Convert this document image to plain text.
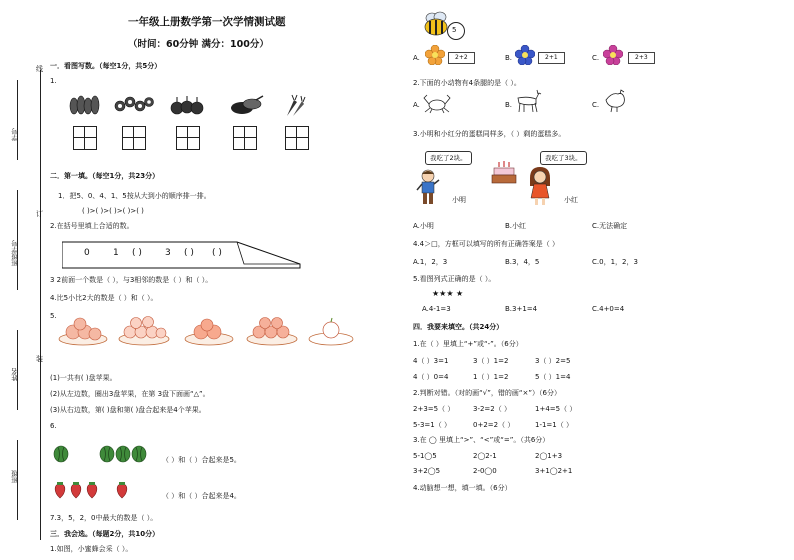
线
订
装
学号
班级学号
姓名
班级
一年级上册数学第一次学情测试题
（时间：60分钟 满分：100分）
一．看图写数。（每空1分，共5分）
1.
二．第一填。（每空1分，共23分）
1．把5、0、4、1、5按从大到小的顺序排一排。
( )>( )>( )>( )>( )
2.在括号里填上合适的数。
0	1 ( )	3 ( ) ( )
3 2前面一个数是（ ），与3相邻的数是（ ）和（ ）。
4.比5小比2大的数是（ ）和（ ）。
5.
(1)一共有( )盘苹果。
(2)从左边数，圈出3盘苹果，在第 3盘下面画“△”。
(3)从右边数，第( )盘和第( )盘合起来是4个苹果。
6.
（ ）和（ ）合起来是5。
（ ）和（ ）合起来是4。
7.3，5，2，0中最大的数是（ ）。
三．我会选。（每题2分，共10分）
1.如图，小蜜蜂会采（ ）。
5
A.	2+2	B.	2+1	C.	2+3
2.下面的小动物有4条腿的是（ ）。
A.	B.	C.
3.小明和小红分的蛋糕同样多，（ ）剩的蛋糕多。
我吃了2块。	我吃了3块。
小明	小红
A.小明	B.小红	C.无法确定
4.4＞□，方框可以填写的所有正确答案是（ ）
A.1，2，3	B.3，4，5	C.0，1，2，3
5.看图列式正确的是（ ）。
★★★ ★
A.4-1=3	B.3+1=4	C.4+0=4
四．我要来填空。（共24分）
1.在（ ）里填上“+”或“-”。（6分）
4（ ）3=1	3（ ）1=2	3（ ）2=5
4（ ）0=4	1（ ）1=2	5（ ）1=4
2.判断对错。（对的画“√”，错的画“×”）（6分）
2+3=5（ ）	3-2=2（ ）	1+4=5（ ）
5-3=1（ ）	0+2=2（ ）	1-1=1（ ）
3.在 ◯ 里填上“>”、“<”或“=”。（共6分）
5-1◯5	2◯2-1	2◯1+3
3+2◯5	2-0◯0	3+1◯2+1
4.动脑想一想，填一填。（6分）
